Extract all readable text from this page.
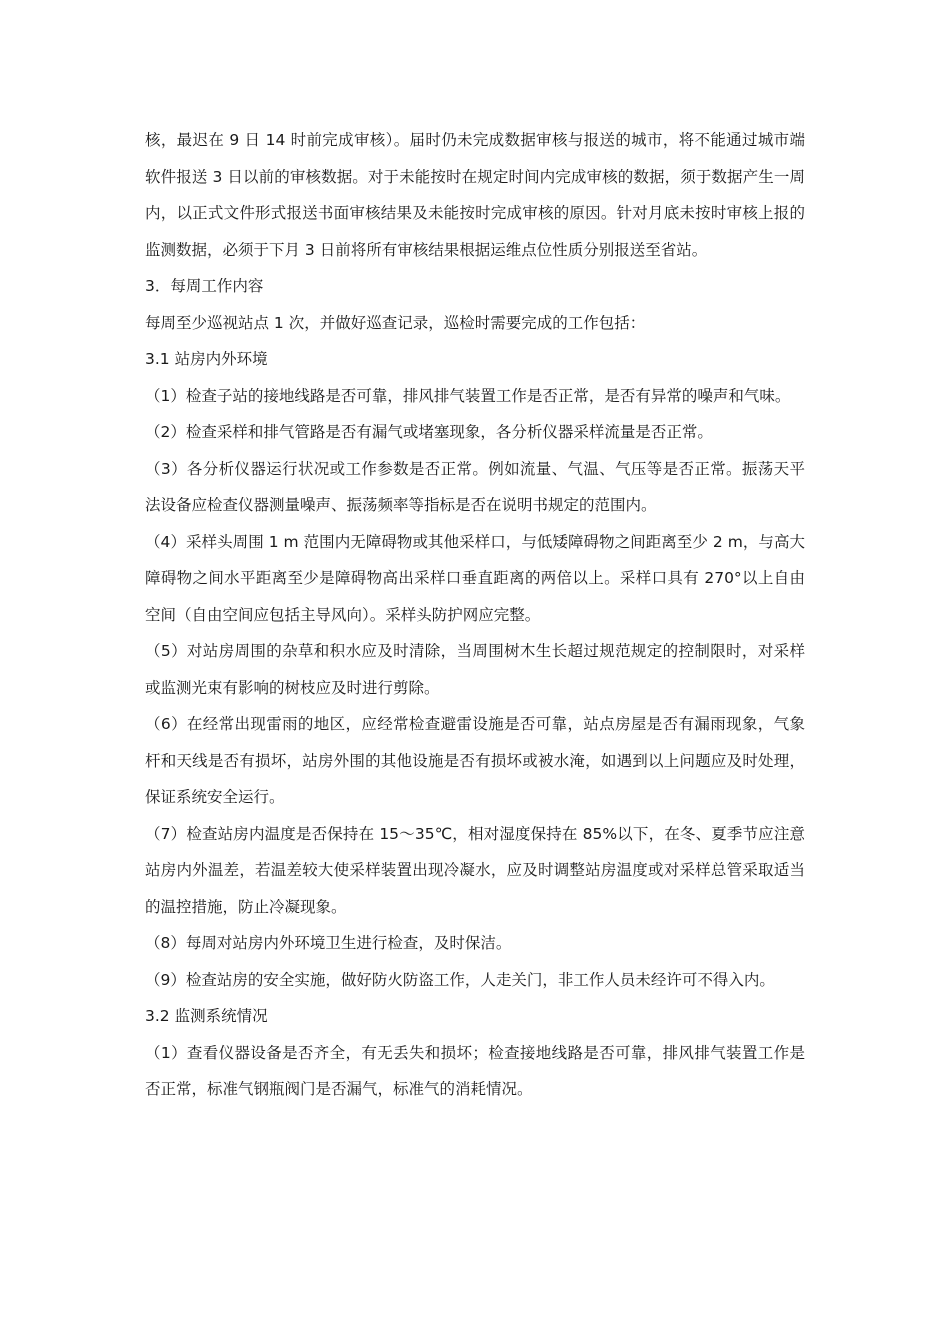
核，最迟在 9 日 14 时前完成审核）。届时仍未完成数据审核与报送的城市，将不能通过城市端软件报送 3 日以前的审核数据。对于未能按时在规定时间内完成审核的数据，须于数据产生一周内，以正式文件形式报送书面审核结果及未能按时完成审核的原因。针对月底未按时审核上报的监测数据，必须于下月 3 日前将所有审核结果根据运维点位性质分别报送至省站。

3．每周工作内容

每周至少巡视站点 1 次，并做好巡查记录，巡检时需要完成的工作包括：

3.1 站房内外环境

（1）检查子站的接地线路是否可靠，排风排气装置工作是否正常，是否有异常的噪声和气味。

（2）检查采样和排气管路是否有漏气或堵塞现象，各分析仪器采样流量是否正常。

（3）各分析仪器运行状况或工作参数是否正常。例如流量、气温、气压等是否正常。振荡天平法设备应检查仪器测量噪声、振荡频率等指标是否在说明书规定的范围内。

（4）采样头周围 1 m 范围内无障碍物或其他采样口，与低矮障碍物之间距离至少 2 m，与高大障碍物之间水平距离至少是障碍物高出采样口垂直距离的两倍以上。采样口具有 270°以上自由空间（自由空间应包括主导风向）。采样头防护网应完整。

（5）对站房周围的杂草和积水应及时清除，当周围树木生长超过规范规定的控制限时，对采样或监测光束有影响的树枝应及时进行剪除。

（6）在经常出现雷雨的地区，应经常检查避雷设施是否可靠，站点房屋是否有漏雨现象，气象杆和天线是否有损坏，站房外围的其他设施是否有损坏或被水淹，如遇到以上问题应及时处理，保证系统安全运行。

（7）检查站房内温度是否保持在 15～35℃，相对湿度保持在 85%以下，在冬、夏季节应注意站房内外温差，若温差较大使采样装置出现冷凝水，应及时调整站房温度或对采样总管采取适当的温控措施，防止冷凝现象。

（8）每周对站房内外环境卫生进行检查，及时保洁。

（9）检查站房的安全实施，做好防火防盗工作，人走关门，非工作人员未经许可不得入内。

3.2 监测系统情况

（1）查看仪器设备是否齐全，有无丢失和损坏；检查接地线路是否可靠，排风排气装置工作是否正常，标准气钢瓶阀门是否漏气，标准气的消耗情况。
